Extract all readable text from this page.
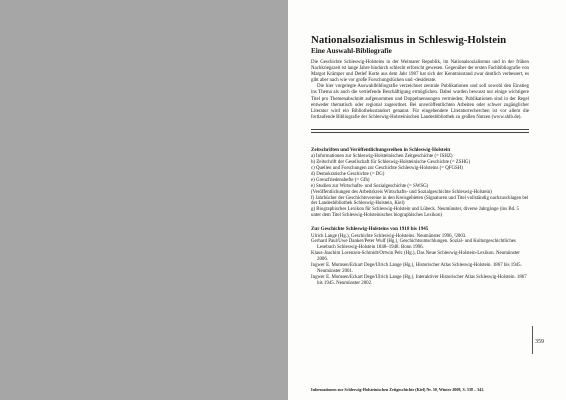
Nationalsozialismus in Schleswig-Holstein
Eine Auswahl-Bibliografie

Die Geschichte Schleswig-Holsteins in der Weimarer Republik, im Nationalsozialismus und in der frühen Nachkriegszeit ist lange Jahre hindurch schlecht erforscht gewesen. Gegenüber der ersten Fachbibliografie von Margot Krämper und Detlef Korte aus dem Jahr 1987 hat sich der Kenntnisstand zwar deutlich verbessert, es gibt aber nach wie vor große Forschungslücken und -desiderate.

Die hier vorgelegte Auswahlbibliografie verzeichnet zentrale Publikationen und soll sowohl den Einstieg ins Thema als auch die vertiefende Beschäftigung ermöglichen. Dabei wurden bewusst nur einige wichtigere Titel pro Themenabschnitt aufgenommen und Doppelnennungen vermieden; Publikationen sind in der Regel entweder thematisch oder regional zugeordnet. Bei unveröffentlichten Arbeiten oder schwer zugänglicher Literatur wird ein Bibliotheksstandort genannt. Für eingehendere Literaturrecherchen ist vor allem die fortlaufende Bibliografie der Schleswig-Holsteinischen Landesbibliothek zu großen Nutzen (www.shlb.de).

Zeitschriften und Veröffentlichungsreihen in Schleswig-Holstein
a) Informationen zur Schleswig-Holsteinischen Zeitgeschichte (= ISHZ)
b) Zeitschrift der Gesellschaft für Schleswig-Holsteinische Geschichte (= ZSHG)
c) Quellen und Forschungen zur Geschichte Schleswig-Holsteins (= QFGSH)
d) Demokratische Geschichte (= DG)
e) Grenzfriedenshefte (= Gfh)
e) Studien zur Wirtschafts- und Sozialgeschichte (= SWSG)
(Veröffentlichungen des Arbeitskreis Wirtschafts- und Sozialgeschichte Schleswig-Holstein)
f) Jahrbücher der Geschichtsvereine in den Kreisgebieten (Signaturen und Titel vollständig nachzuschlagen bei der Landesbibliothek Schleswig-Holstein, Kiel)
g) Biographisches Lexikon für Schleswig-Holstein und Lübeck. Neumünster, diverse Jahrgänge (ins Bd. 5 unter dem Titel Schleswig-Holsteinisches biographisches Lexikon)
Zur Geschichte Schleswig-Holsteins von 1918 bis 1945
Ulrich Lange (Hg.), Geschichte Schleswig-Holsteins. Neumünster 1996, ²2003.
Gerhard Paul/Uwe Danker/Peter Wulf (Hg.), Geschichtsumschlungen. Sozial- und Kulturgeschichtliches Lesebuch Schleswig-Holstein 1848–1948. Bonn 1996.
Klaus-Joachim Lorenzen-Schmidt/Ortwin Pelc (Hg.), Das Neue Schleswig-Holstein-Lexikon. Neumünster 2006.
Ingwer E. Momsen/Eckart Dege/Ulrich Lange (Hg.), Historischer Atlas Schleswig-Holstein. 1867 bis 1945. Neumünster 2001.
Ingwer E. Momsen/Eckart Dege/Ulrich Lange (Hg.), Interaktiver Historischer Atlas Schleswig-Holstein. 1867 bis 1945. Neumünster 2002.
359
Informationen zur Schleswig-Holsteinischen Zeitgeschichte (Kiel) Nr. 50, Winter 2008, S. 338 – 341.
